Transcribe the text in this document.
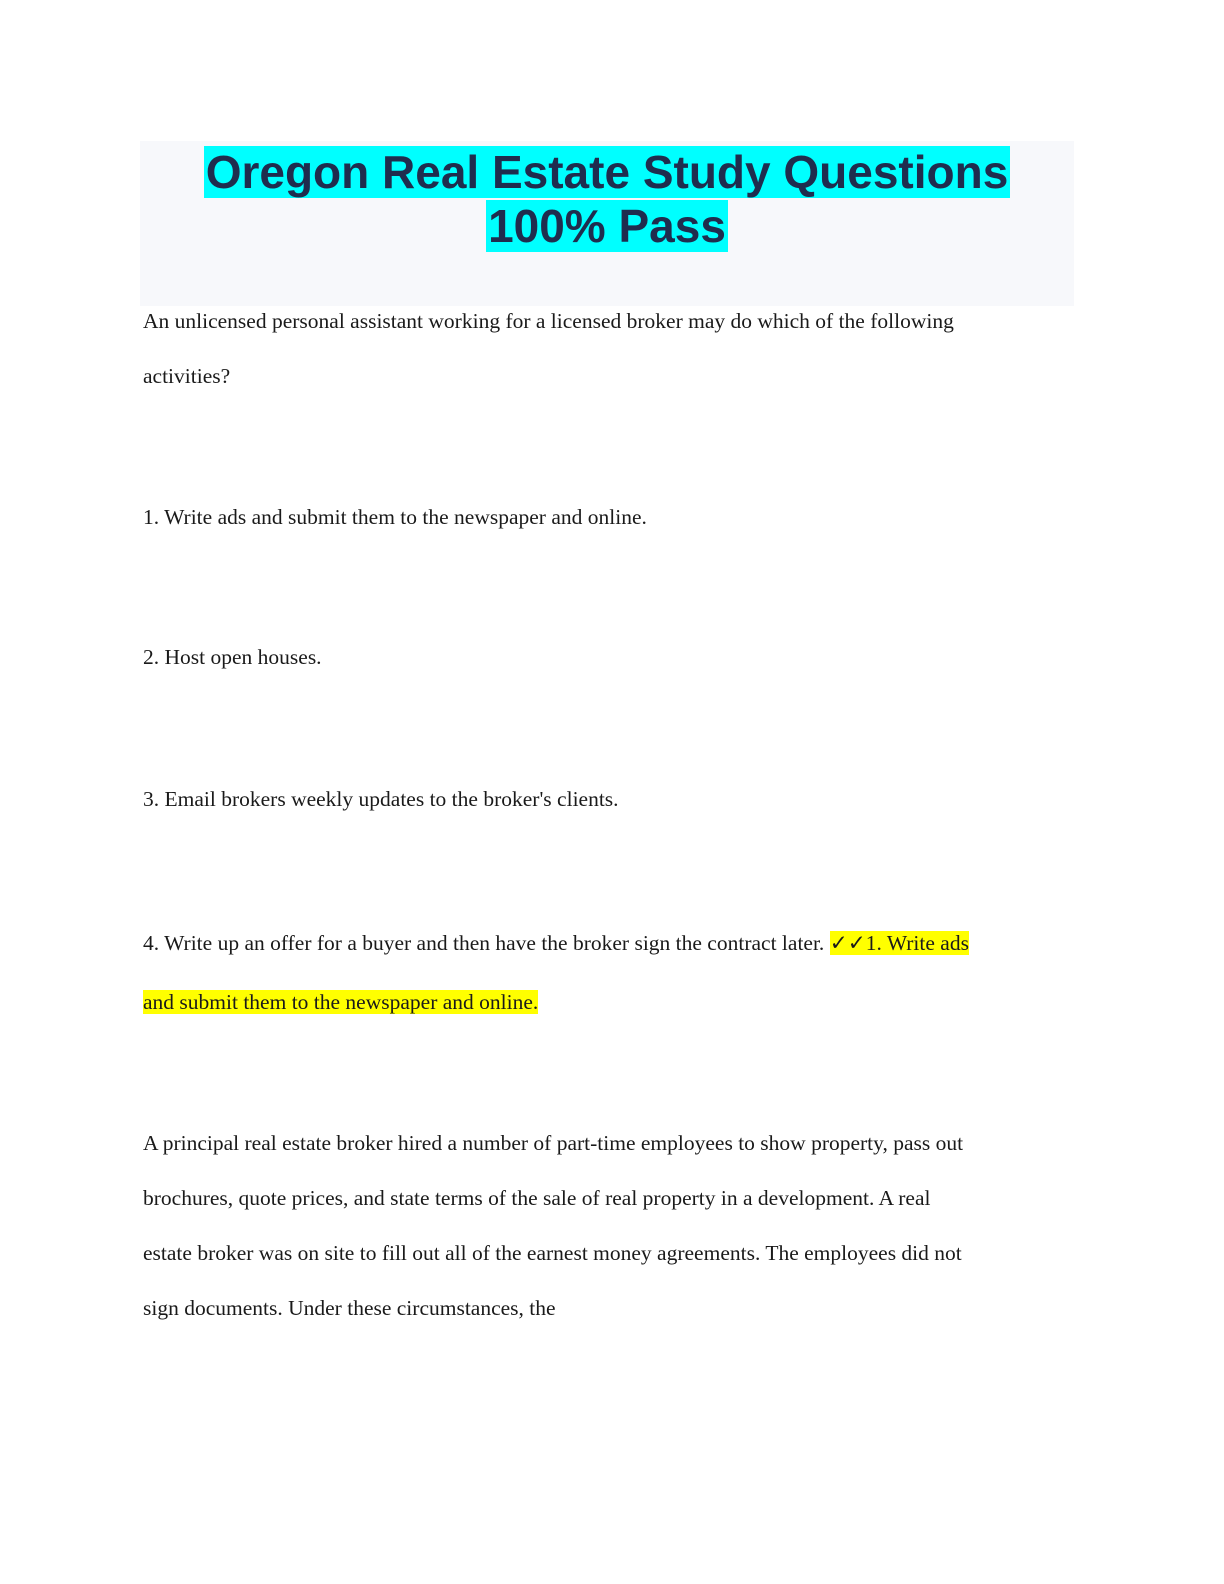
Oregon Real Estate Study Questions
100% Pass
An unlicensed personal assistant working for a licensed broker may do which of the following
activities?
1. Write ads and submit them to the newspaper and online.
2. Host open houses.
3. Email brokers weekly updates to the broker's clients.
4. Write up an offer for a buyer and then have the broker sign the contract later. ✓✓1. Write ads
and submit them to the newspaper and online.
A principal real estate broker hired a number of part-time employees to show property, pass out
brochures, quote prices, and state terms of the sale of real property in a development. A real
estate broker was on site to fill out all of the earnest money agreements. The employees did not
sign documents. Under these circumstances, the
